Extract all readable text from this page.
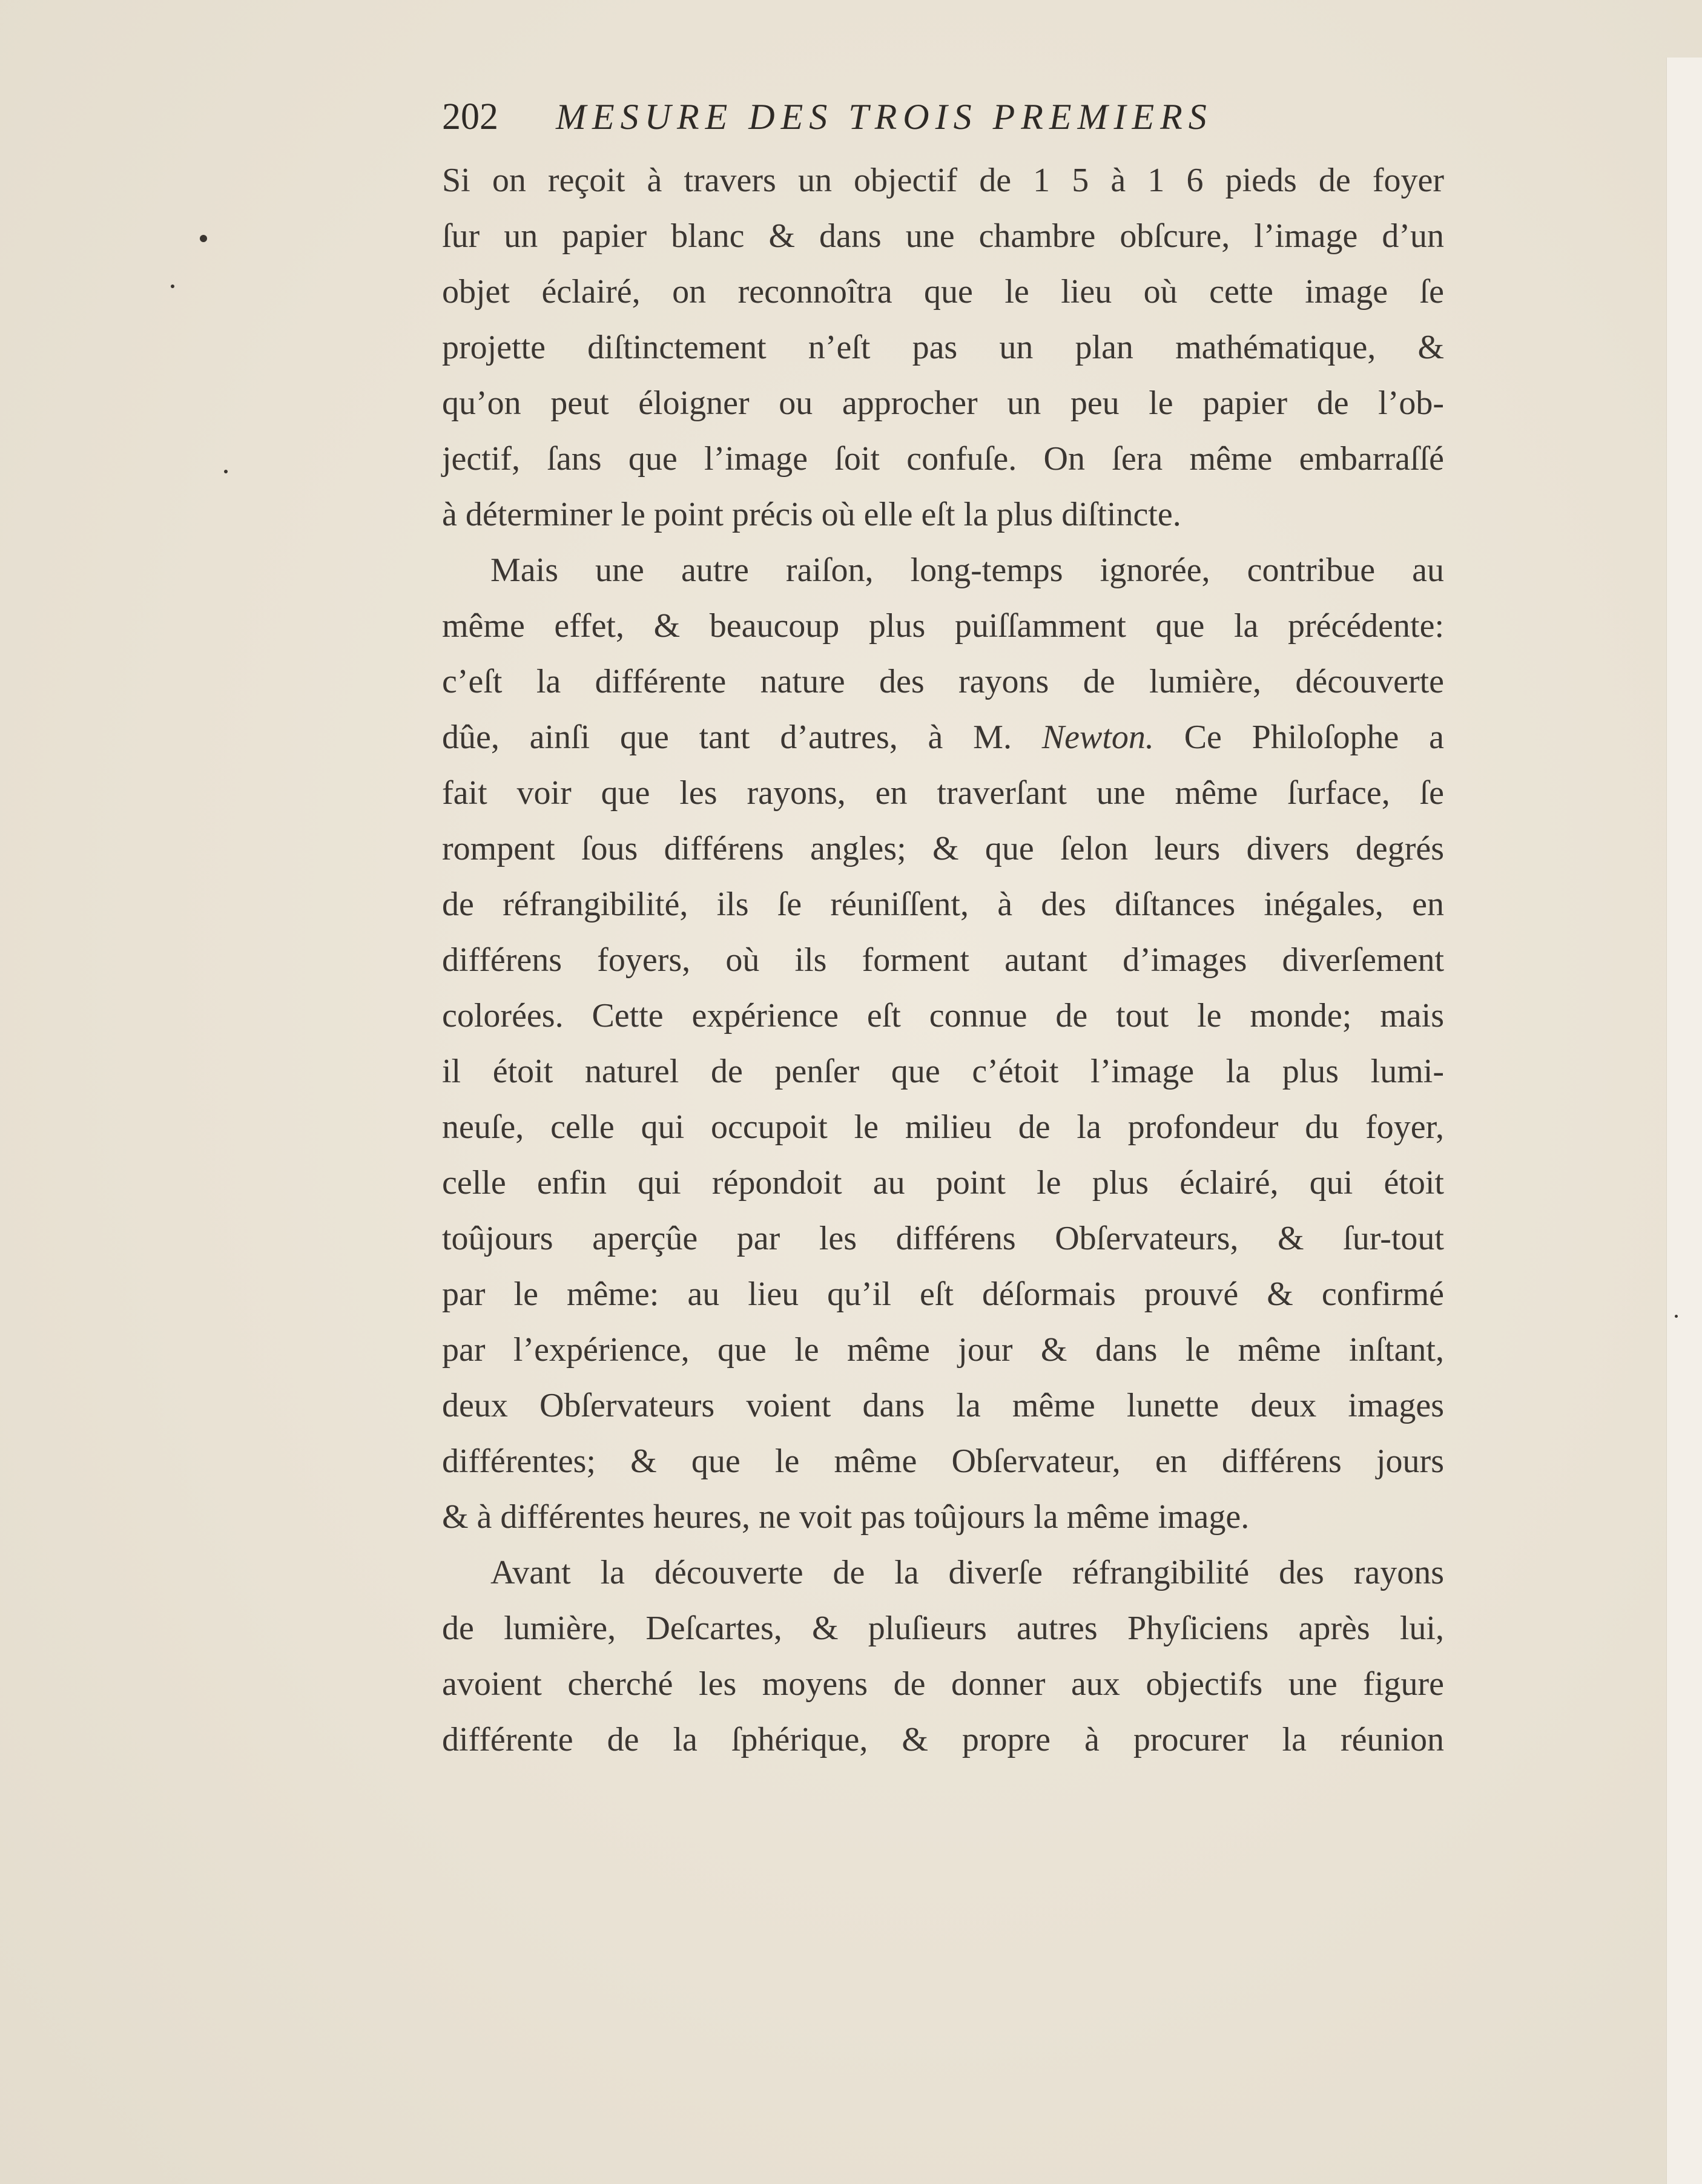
202 MESURE DES TROIS PREMIERS
Si on reçoit à travers un objectif de 1 5 à 1 6 pieds de foyer
ſur un papier blanc & dans une chambre obſcure, l’image d’un
objet éclairé, on reconnoîtra que le lieu où cette image ſe
projette diſtinctement n’eſt pas un plan mathématique, &
qu’on peut éloigner ou approcher un peu le papier de l’ob-
jectif, ſans que l’image ſoit confuſe. On ſera même embarraſſé
à déterminer le point précis où elle eſt la plus diſtincte.
Mais une autre raiſon, long-temps ignorée, contribue au
même effet, & beaucoup plus puiſſamment que la précédente:
c’eſt la différente nature des rayons de lumière, découverte
dûe, ainſi que tant d’autres, à M. Newton. Ce Philoſophe a
fait voir que les rayons, en traverſant une même ſurface, ſe
rompent ſous différens angles; & que ſelon leurs divers degrés
de réfrangibilité, ils ſe réuniſſent, à des diſtances inégales, en
différens foyers, où ils forment autant d’images diverſement
colorées. Cette expérience eſt connue de tout le monde; mais
il étoit naturel de penſer que c’étoit l’image la plus lumi-
neuſe, celle qui occupoit le milieu de la profondeur du foyer,
celle enfin qui répondoit au point le plus éclairé, qui étoit
toûjours aperçûe par les différens Obſervateurs, & ſur-tout
par le même: au lieu qu’il eſt déſormais prouvé & confirmé
par l’expérience, que le même jour & dans le même inſtant,
deux Obſervateurs voient dans la même lunette deux images
différentes; & que le même Obſervateur, en différens jours
& à différentes heures, ne voit pas toûjours la même image.
Avant la découverte de la diverſe réfrangibilité des rayons
de lumière, Deſcartes, & pluſieurs autres Phyſiciens après lui,
avoient cherché les moyens de donner aux objectifs une figure
différente de la ſphérique, & propre à procurer la réunion
